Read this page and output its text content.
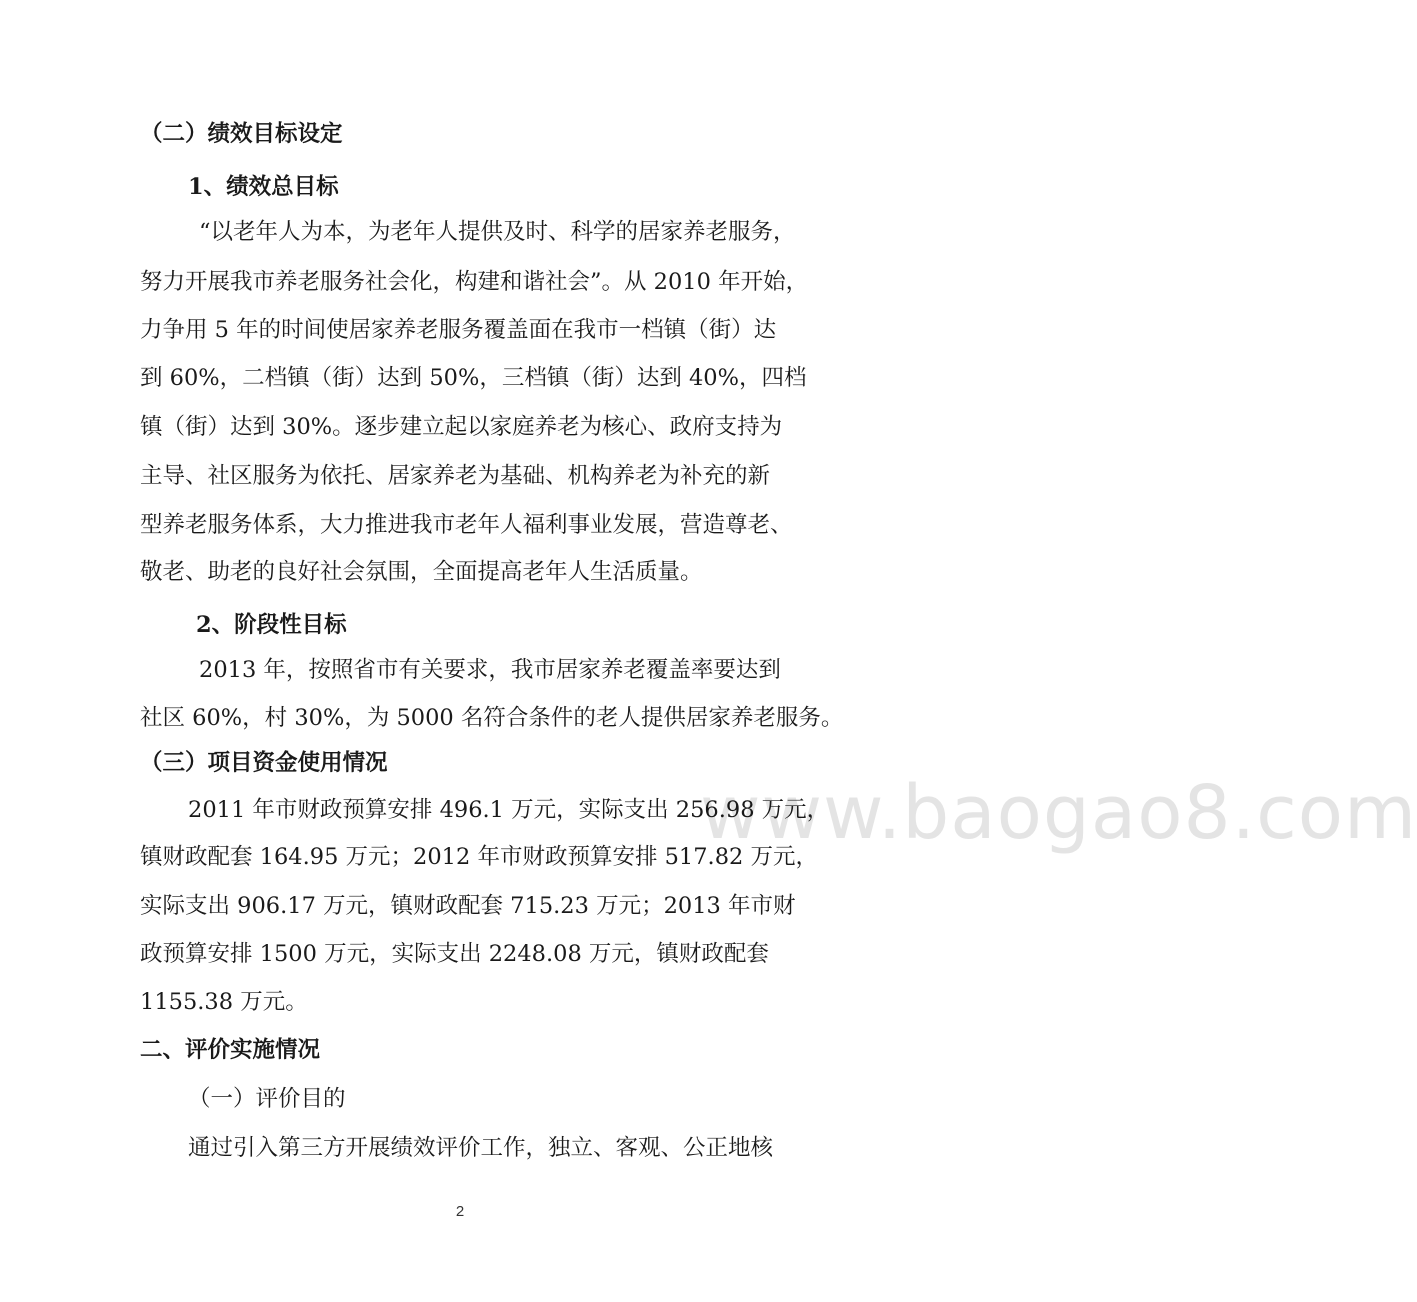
www.baogao8.com
（二）绩效目标设定
1、绩效总目标
“以老年人为本，为老年人提供及时、科学的居家养老服务，
努力开展我市养老服务社会化，构建和谐社会”。从 2010 年开始，
力争用 5 年的时间使居家养老服务覆盖面在我市一档镇（街）达
到 60%，二档镇（街）达到 50%，三档镇（街）达到 40%，四档
镇（街）达到 30%。逐步建立起以家庭养老为核心、政府支持为
主导、社区服务为依托、居家养老为基础、机构养老为补充的新
型养老服务体系，大力推进我市老年人福利事业发展，营造尊老、
敬老、助老的良好社会氛围，全面提高老年人生活质量。
2、阶段性目标
2013 年，按照省市有关要求，我市居家养老覆盖率要达到
社区 60%，村 30%，为 5000 名符合条件的老人提供居家养老服务。
（三）项目资金使用情况
2011 年市财政预算安排 496.1 万元，实际支出 256.98 万元，
镇财政配套 164.95 万元；2012 年市财政预算安排 517.82 万元，
实际支出 906.17 万元，镇财政配套 715.23 万元；2013 年市财
政预算安排 1500 万元，实际支出 2248.08 万元，镇财政配套
1155.38 万元。
二、评价实施情况
（一）评价目的
通过引入第三方开展绩效评价工作，独立、客观、公正地核
2
